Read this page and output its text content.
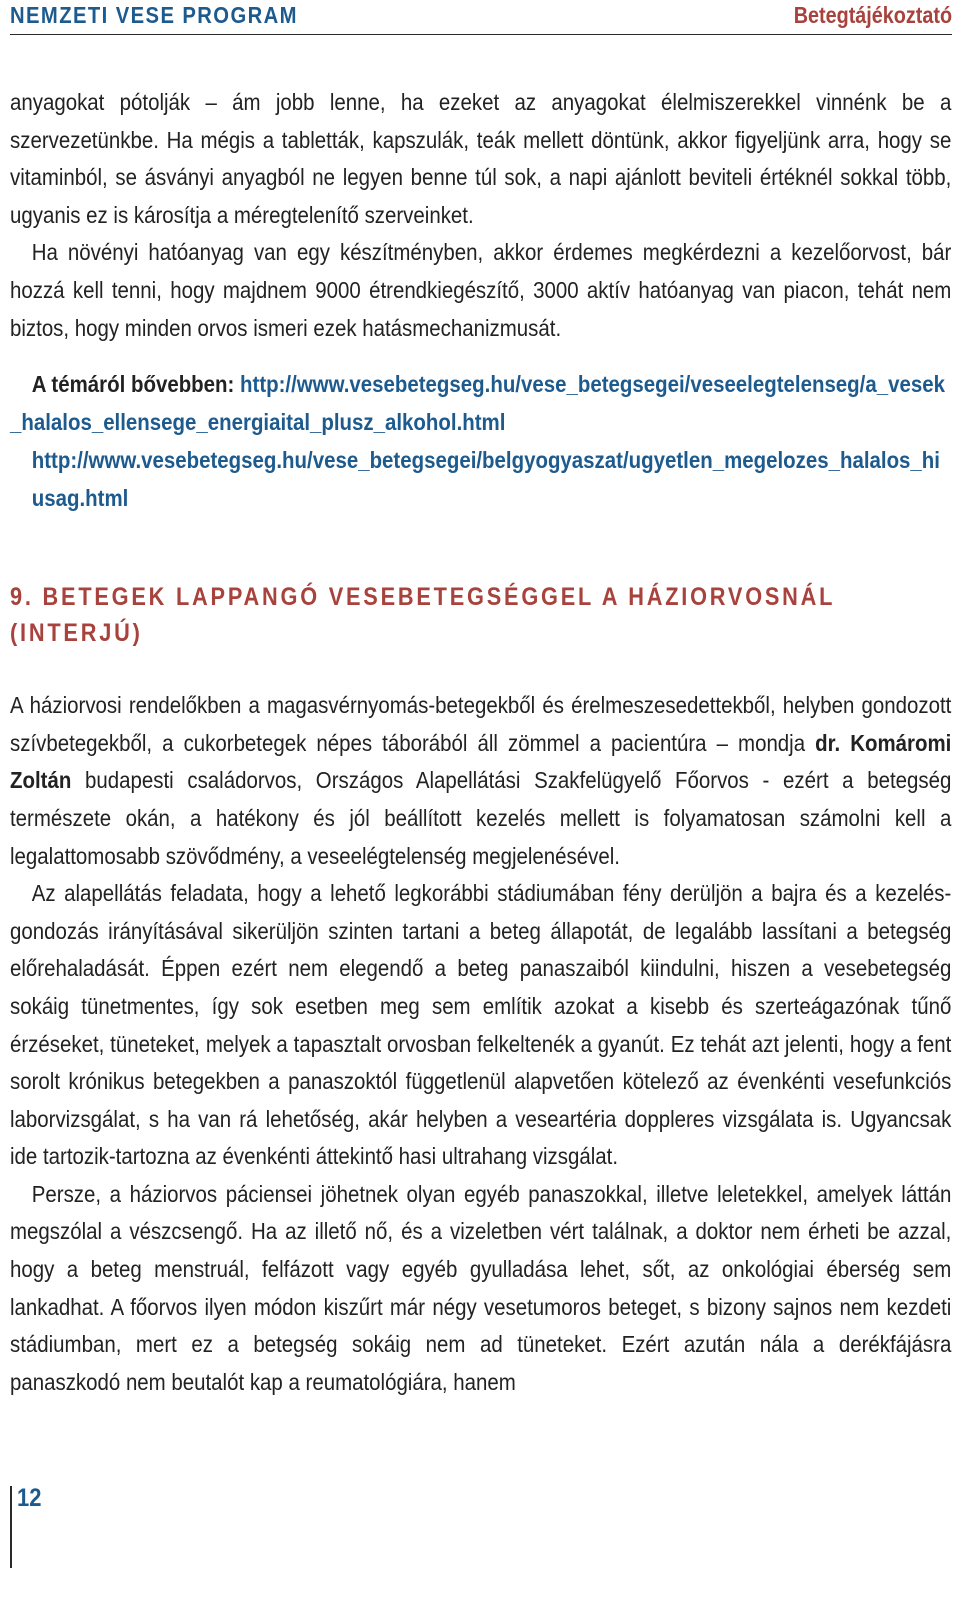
NEMZETI VESE PROGRAM	Betegtájékoztató

anyagokat pótolják – ám jobb lenne, ha ezeket az anyagokat élelmiszerekkel vinnénk be a szervezetünkbe. Ha mégis a tabletták, kapszulák, teák mellett döntünk, akkor figyeljünk arra, hogy se vitaminból, se ásványi anyagból ne legyen benne túl sok, a napi ajánlott beviteli értéknél sokkal több, ugyanis ez is károsítja a méregtelenítő szerveinket.

Ha növényi hatóanyag van egy készítményben, akkor érdemes megkérdezni a kezelőorvost, bár hozzá kell tenni, hogy majdnem 9000 étrendkiegészítő, 3000 aktív hatóanyag van piacon, tehát nem biztos, hogy minden orvos ismeri ezek hatásmechanizmusát.

A témáról bővebben: http://www.vesebetegseg.hu/vese_betegsegei/veseelegtelenseg/a_vesek_halalos_ellensege_energiaital_plusz_alkohol.html
http://www.vesebetegseg.hu/vese_betegsegei/belgyogyaszat/ugyetlen_megelozes_halalos_hiusag.html
9. BETEGEK LAPPANGÓ VESEBETEGSÉGGEL A HÁZIORVOSNÁL (INTERJÚ)

A háziorvosi rendelőkben a magasvérnyomás-betegekből és érelmeszesedettekből, helyben gondozott szívbetegekből, a cukorbetegek népes táborából áll zömmel a pacientúra – mondja dr. Komáromi Zoltán budapesti családorvos, Országos Alapellátási Szakfelügyelő Főorvos - ezért a betegség természete okán, a hatékony és jól beállított kezelés mellett is folyamatosan számolni kell a legalattomosabb szövődmény, a veseelégtelenség megjelenésével.

Az alapellátás feladata, hogy a lehető legkorábbi stádiumában fény derüljön a bajra és a kezelés-gondozás irányításával sikerüljön szinten tartani a beteg állapotát, de legalább lassítani a betegség előrehaladását. Éppen ezért nem elegendő a beteg panaszaiból kiindulni, hiszen a vesebetegség sokáig tünetmentes, így sok esetben meg sem említik azokat a kisebb és szerteágazónak tűnő érzéseket, tüneteket, melyek a tapasztalt orvosban felkeltenék a gyanút. Ez tehát azt jelenti, hogy a fent sorolt krónikus betegekben a panaszoktól függetlenül alapvetően kötelező az évenkénti vesefunkciós laborvizsgálat, s ha van rá lehetőség, akár helyben a veseartéria doppleres vizsgálata is. Ugyancsak ide tartozik-tartozna az évenkénti áttekintő hasi ultrahang vizsgálat.

Persze, a háziorvos páciensei jöhetnek olyan egyéb panaszokkal, illetve leletekkel, amelyek láttán megszólal a vészcsengő. Ha az illető nő, és a vizeletben vért találnak, a doktor nem érheti be azzal, hogy a beteg menstruál, felfázott vagy egyéb gyulladása lehet, sőt, az onkológiai éberség sem lankadhat. A főorvos ilyen módon kiszűrt már négy vesetumoros beteget, s bizony sajnos nem kezdeti stádiumban, mert ez a betegség sokáig nem ad tüneteket. Ezért azután nála a derékfájásra panaszkodó nem beutalót kap a reumatológiára, hanem

12
